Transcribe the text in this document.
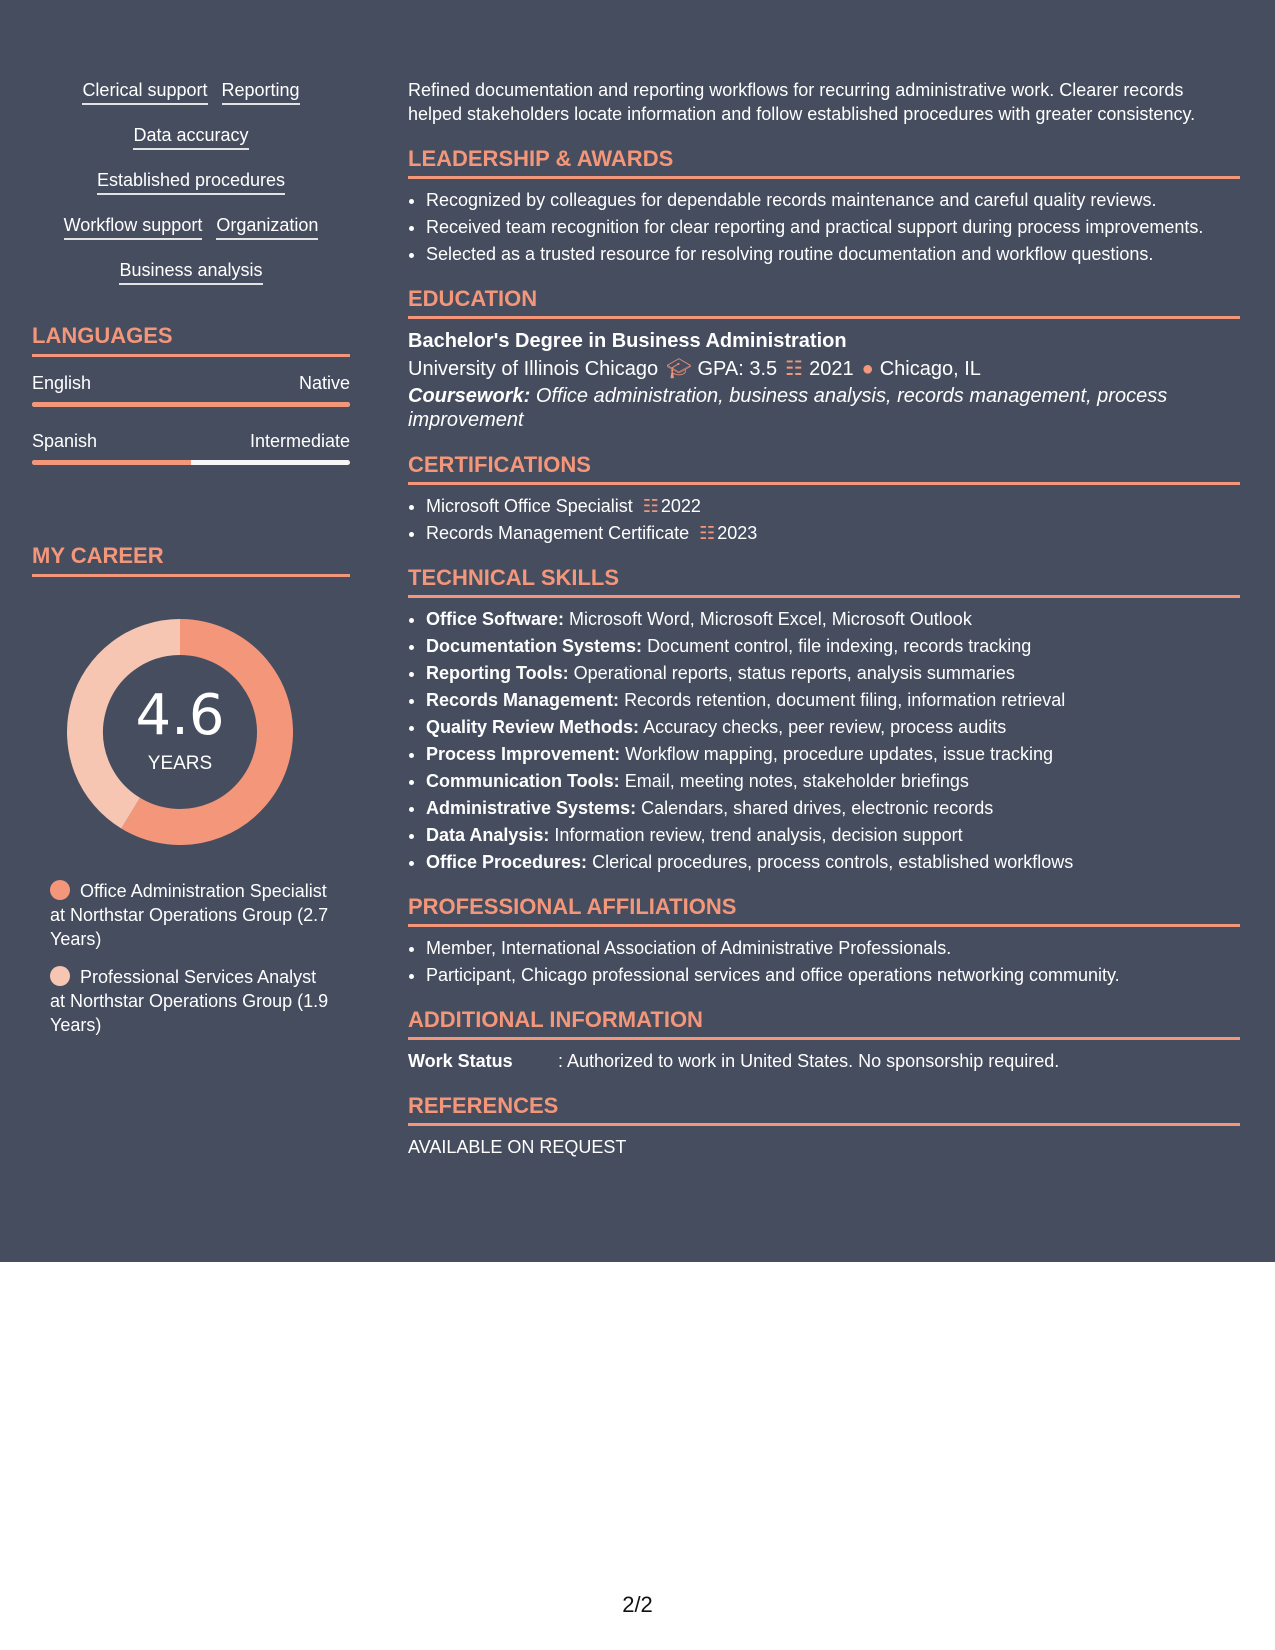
Clerical support Reporting
Data accuracy
Established procedures
Workflow support Organization
Business analysis
LANGUAGES
English	Native
Spanish	Intermediate
MY CAREER
4.6
YEARS
Office Administration Specialist at Northstar Operations Group (2.7 Years)
Professional Services Analyst at Northstar Operations Group (1.9 Years)

Refined documentation and reporting workflows for recurring administrative work. Clearer records helped stakeholders locate information and follow established procedures with greater consistency.

LEADERSHIP & AWARDS
• Recognized by colleagues for dependable records maintenance and careful quality reviews.
• Received team recognition for clear reporting and practical support during process improvements.
• Selected as a trusted resource for resolving routine documentation and workflow questions.
EDUCATION
Bachelor's Degree in Business Administration
University of Illinois Chicago 🎓︎ GPA: 3.5 ☷ 2021 ● Chicago, IL
Coursework: Office administration, business analysis, records management, process improvement
CERTIFICATIONS
• Microsoft Office Specialist ☷ 2022
• Records Management Certificate ☷ 2023
TECHNICAL SKILLS
• Office Software: Microsoft Word, Microsoft Excel, Microsoft Outlook
• Documentation Systems: Document control, file indexing, records tracking
• Reporting Tools: Operational reports, status reports, analysis summaries
• Records Management: Records retention, document filing, information retrieval
• Quality Review Methods: Accuracy checks, peer review, process audits
• Process Improvement: Workflow mapping, procedure updates, issue tracking
• Communication Tools: Email, meeting notes, stakeholder briefings
• Administrative Systems: Calendars, shared drives, electronic records
• Data Analysis: Information review, trend analysis, decision support
• Office Procedures: Clerical procedures, process controls, established workflows
PROFESSIONAL AFFILIATIONS
• Member, International Association of Administrative Professionals.
• Participant, Chicago professional services and office operations networking community.
ADDITIONAL INFORMATION
Work Status	: Authorized to work in United States. No sponsorship required.
REFERENCES
AVAILABLE ON REQUEST
2/2
